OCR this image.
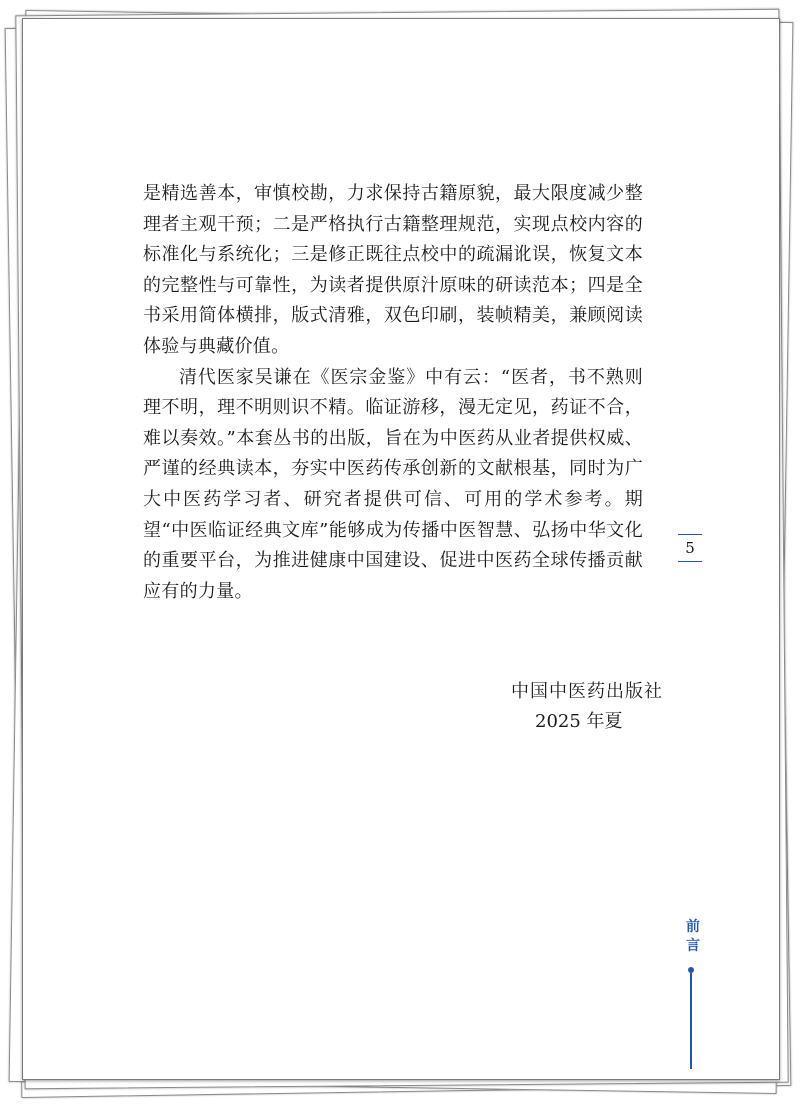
是精选善本，审慎校勘，力求保持古籍原貌，最大限度减少整理者主观干预；二是严格执行古籍整理规范，实现点校内容的标准化与系统化；三是修正既往点校中的疏漏讹误，恢复文本的完整性与可靠性，为读者提供原汁原味的研读范本；四是全书采用简体横排，版式清雅，双色印刷，装帧精美，兼顾阅读体验与典藏价值。

清代医家吴谦在《医宗金鉴》中有云：“医者，书不熟则理不明，理不明则识不精。临证游移，漫无定见，药证不合，难以奏效。”本套丛书的出版，旨在为中医药从业者提供权威、严谨的经典读本，夯实中医药传承创新的文献根基，同时为广大中医药学习者、研究者提供可信、可用的学术参考。期望“中医临证经典文库”能够成为传播中医智慧、弘扬中华文化的重要平台，为推进健康中国建设、促进中医药全球传播贡献应有的力量。

中国中医药出版社
2025 年夏
5
前言
